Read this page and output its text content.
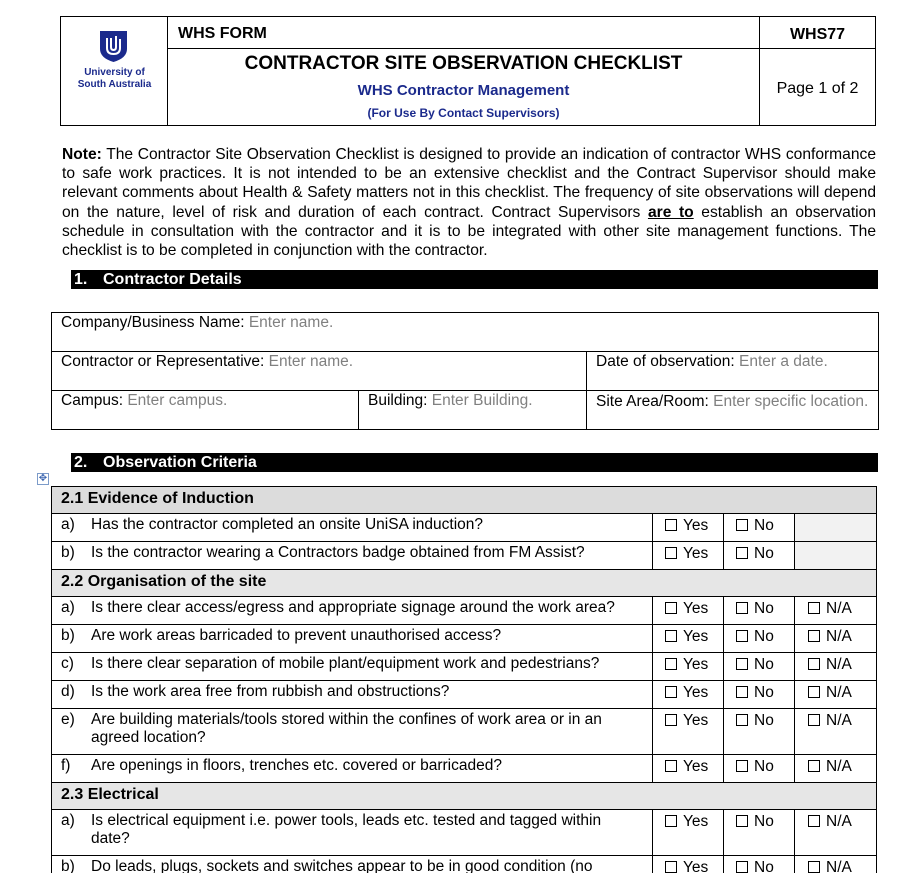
University of
South Australia
WHS FORM	WHS77
CONTRACTOR SITE OBSERVATION CHECKLIST
WHS Contractor Management
(For Use By Contact Supervisors)
Page 1 of 2

Note: The Contractor Site Observation Checklist is designed to provide an indication of contractor WHS conformance to safe work practices. It is not intended to be an extensive checklist and the Contract Supervisor should make relevant comments about Health & Safety matters not in this checklist. The frequency of site observations will depend on the nature, level of risk and duration of each contract. Contract Supervisors are to establish an observation schedule in consultation with the contractor and it is to be integrated with other site management functions. The checklist is to be completed in conjunction with the contractor.

1. Contractor Details
Company/Business Name: Enter name.
Contractor or Representative: Enter name.	Date of observation: Enter a date.
Campus: Enter campus.	Building: Enter Building.	Site Area/Room: Enter specific location.
2. Observation Criteria
✥
2.1 Evidence of Induction			
a) Has the contractor completed an onsite UniSA induction?	Yes	No	
b) Is the contractor wearing a Contractors badge obtained from FM Assist?	Yes	No	
2.2 Organisation of the site			
a) Is there clear access/egress and appropriate signage around the work area?	Yes	No	N/A
b) Are work areas barricaded to prevent unauthorised access?	Yes	No	N/A
c) Is there clear separation of mobile plant/equipment work and pedestrians?	Yes	No	N/A
d) Is the work area free from rubbish and obstructions?	Yes	No	N/A
e) Are building materials/tools stored within the confines of work area or in an agreed location?	Yes	No	N/A
f) Are openings in floors, trenches etc. covered or barricaded?	Yes	No	N/A
2.3 Electrical			
a) Is electrical equipment i.e. power tools, leads etc. tested and tagged within date?	Yes	No	N/A
b) Do leads, plugs, sockets and switches appear to be in good condition (no	Yes	No	N/A
